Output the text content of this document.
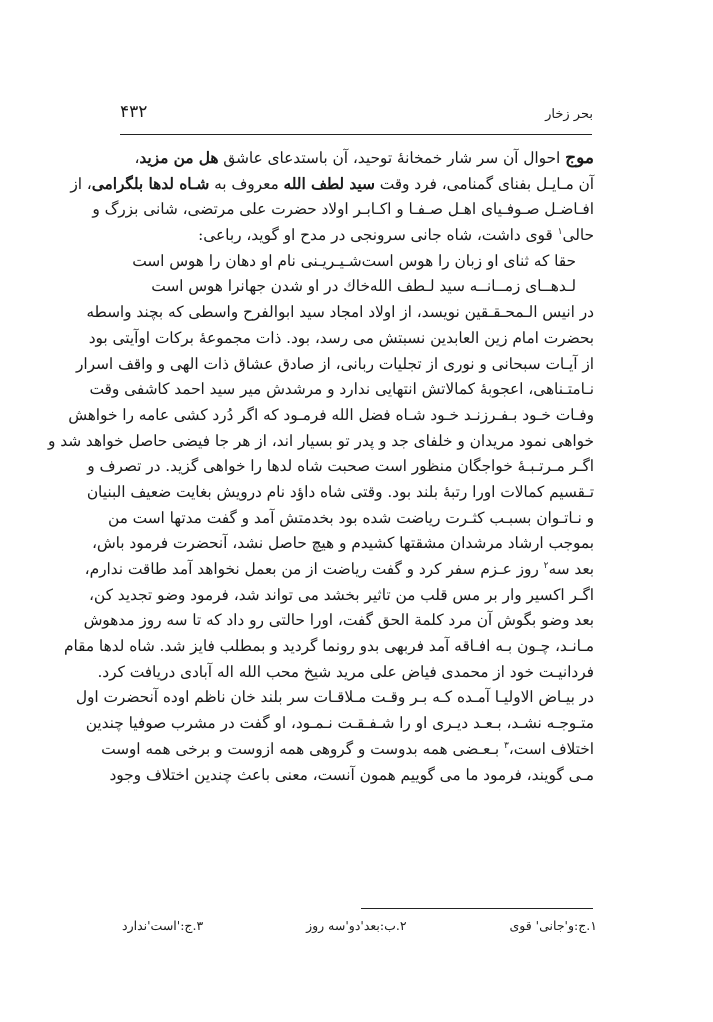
۴۳۲	بحر زخار
موج احوال آن سر شار خمخانهٔ توحید، آن باستدعای عاشق هل من مزید،
آن مـایـل بفنای گمنامی، فرد وقت سید لطف الله معروف به شـاه لدها بلگرامی، از
افـاضـل صـوفـیای اهـل صـفـا و اکـابـر اولاد حضرت علی مرتضی، شانی بزرگ و
حالی$^۱$ قوی داشت، شاه جانی سرونجی در مدح او گوید، رباعی:
حقا که ثنای او زبان را هوس است
شـیـریـنی نام او دهان را هوس است
لـدهــای زمــانــه سید لـطف الله
خاك در او شدن جهانرا هوس است
در انیس الـمحـقـقین نویسد، از اولاد امجاد سید ابوالفرح واسطی که بچند واسطه
بحضرت امام زین العابدین نسبتش می رسد، بود. ذات مجموعهٔ برکات اوآیتی بود
از آیـات سبحانی و نوری از تجلیات ربانی، از صادق عشاق ذات الهی و واقف اسرار
نـامتـناهی، اعجوبهٔ کمالاتش انتهایی ندارد و مرشدش میر سید احمد کاشفی وقت
وفـات خـود بـفـرزنـد خـود شـاه فضل الله فرمـود که اگر دُرد کشی عامه را خواهش
خواهی نمود مریدان و خلفای جد و پدر تو بسیار اند، از هر جا فیضی حاصل خواهد شد و
اگـر مـرتـبـهٔ خواجگان منظور است صحبت شاه لدها را خواهی گزید. در تصرف و
تـقسیم کمالات اورا رتبهٔ بلند بود. وقتی شاه داؤد نام درویش بغایت ضعیف البنیان
و نـاتـوان بسبـب کثـرت ریاضت شده بود بخدمتش آمد و گفت مدتها است من
بموجب ارشاد مرشدان مشقتها کشیدم و هیچ حاصل نشد، آنحضرت فرمود باش،
بعد سه$^۲$ روز عـزم سفر کرد و گفت ریاضت از من بعمل نخواهد آمد طاقت ندارم،
اگـر اکسیر وار بر مس قلب من تاثیر بخشد می تواند شد، فرمود وضو تجدید کن،
بعد وضو بگوش آن مرد کلمة الحق گفت، اورا حالتی رو داد که تا سه روز مدهوش
مـانـد، چـون بـه افـاقه آمد فربهی بدو رونما گردید و بمطلب فایز شد. شاه لدها مقام
فردانیـت خود از محمدی فیاض علی مرید شیخ محب الله اله آبادی دریافت کرد.
در بیـاض الاولیـا آمـده کـه بـر وقـت مـلاقـات سر بلند خان ناظم اوده آنحضرت اول
متـوجـه نشـد، بـعـد دیـری او را شـفـقـت نـمـود، او گفت در مشرب صوفیا چندین
اختلاف است،$^۳$ بـعـضی همه بدوست و گروهی همه ازوست و برخی همه اوست
مـی گویند، فرمود ما می گوییم همون آنست، معنی باعث چندین اختلاف وجود
۱.ج:و'جانی' قوی
۲.ب:بعد'دو'سه روز
۳.ج:'است'ندارد
